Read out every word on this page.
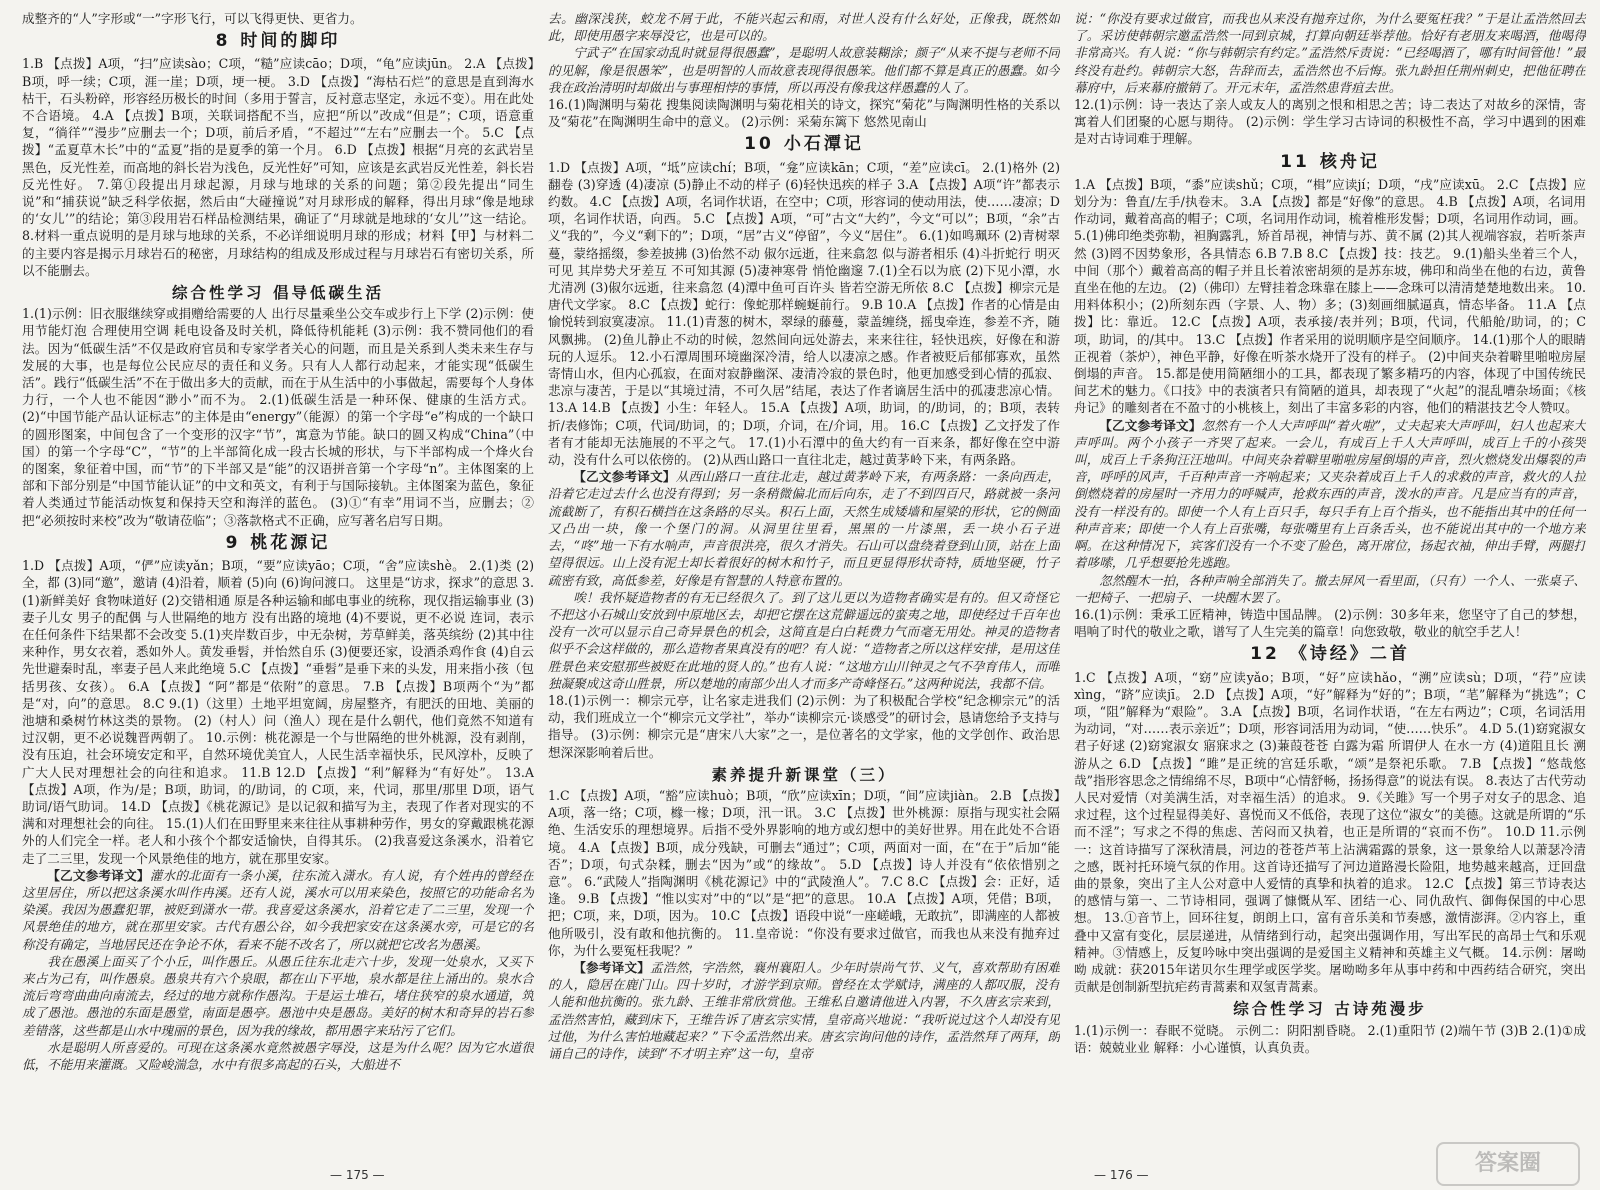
成整齐的“人”字形或“一”字形飞行，可以飞得更快、更省力。

8 时间的脚印

1.B 【点拨】A项，“扫”应读sào；C项，“糙”应读cāo；D项，“龟”应读jūn。 2.A 【点拨】B项，呼一续；C项，涯一崖；D项，埂一梗。 3.D 【点拨】“海枯石烂”的意思是直到海水枯干，石头粉碎，形容经历极长的时间（多用于誓言，反衬意志坚定，永远不变）。用在此处不合语境。 4.A 【点拨】B项，关联词搭配不当，应把“所以”改成“但是”；C项，语意重复，“徜徉”“漫步”应删去一个；D项，前后矛盾，“不超过”“左右”应删去一个。 5.C 【点拨】“孟夏草木长”中的“孟夏”指的是夏季的第一个月。 6.D 【点拨】根据“月亮的玄武岩呈黑色，反光性差，而高地的斜长岩为浅色，反光性好”可知，应该是玄武岩反光性差，斜长岩反光性好。 7.第①段提出月球起源，月球与地球的关系的问题；第②段先提出“同生说”和“捕获说”缺乏科学依据，然后由“大碰撞说”对月球形成的解释，得出月球“像是地球的‘女儿’”的结论；第③段用岩石样品检测结果，确证了“月球就是地球的‘女儿’”这一结论。 8.材料一重点说明的是月球与地球的关系，不必详细说明月球的形成；材料【甲】与材料二的主要内容是揭示月球岩石的秘密，月球结构的组成及形成过程与月球岩石有密切关系，所以不能删去。

综合性学习 倡导低碳生活

1.(1)示例：旧衣服继续穿或捐赠给需要的人 出行尽量乘坐公交车或步行上下学 (2)示例：使用节能灯泡 合理使用空调 耗电设备及时关机，降低待机能耗 (3)示例：我不赞同他们的看法。因为“低碳生活”不仅是政府官员和专家学者关心的问题，而且是关系到人类未来生存与发展的大事，也是每位公民应尽的责任和义务。只有人人都行动起来，才能实现“低碳生活”。践行“低碳生活”不在于做出多大的贡献，而在于从生活中的小事做起，需要每个人身体力行，一个人也不能因“渺小”而不为。 2.(1)低碳生活是一种环保、健康的生活方式。 (2)“中国节能产品认证标志”的主体是由“energy”（能源）的第一个字母“e”构成的一个缺口的圆形图案，中间包含了一个变形的汉字“节”，寓意为节能。缺口的圆又构成“China”（中国）的第一个字母“C”，“节”的上半部简化成一段古长城的形状，与下半部构成一个烽火台的图案，象征着中国，而“节”的下半部又是“能”的汉语拼音第一个字母“n”。主体图案的上部和下部分别是“中国节能认证”的中文和英文，有利于与国际接轨。主体图案为蓝色，象征着人类通过节能活动恢复和保持天空和海洋的蓝色。 (3)①“有幸”用词不当，应删去；②把“必须按时来校”改为“敬请莅临”；③落款格式不正确，应写著名启写日期。

9 桃花源记

1.D 【点拨】A项，“俨”应读yǎn；B项，“要”应读yāo；C项，“舍”应读shè。 2.(1)类 (2)全，都 (3)同“邀”，邀请 (4)沿着，顺着 (5)向 (6)询问渡口。 这里是“访求，探求”的意思 3.(1)新鲜美好 食物味道好 (2)交错相通 原是各种运输和邮电事业的统称，现仅指运输事业 (3)妻子儿女 男子的配偶 与人世隔绝的地方 没有出路的境地 (4)不要说，更不必说 连词，表示在任何条件下结果都不会改变 5.(1)夹岸数百步，中无杂树，芳草鲜美，落英缤纷 (2)其中往来种作，男女衣着，悉如外人。黄发垂髫，并怡然自乐 (3)便要还家，设酒杀鸡作食 (4)自云先世避秦时乱，率妻子邑人来此绝境 5.C 【点拨】“垂髫”是垂下来的头发，用来指小孩（包括男孩、女孩）。 6.A 【点拨】“阿”都是“依附”的意思。 7.B 【点拨】B项两个“为”都是“对，向”的意思。 8.C 9.(1)（这里）土地平坦宽阔，房屋整齐，有肥沃的田地、美丽的池塘和桑树竹林这类的景物。 (2)（村人）问（渔人）现在是什么朝代，他们竟然不知道有过汉朝，更不必说魏晋两朝了。 10.示例：桃花源是一个与世隔绝的世外桃源，没有剥削，没有压迫，社会环境安定和平，自然环境优美宜人，人民生活幸福快乐，民风淳朴，反映了广大人民对理想社会的向往和追求。 11.B 12.D 【点拨】“利”解释为“有好处”。 13.A 【点拨】A项，作为/是；B项，助词，的/助词，的 C项，来，代词，那里/那里 D项，语气助词/语气助词。 14.D 【点拨】《桃花源记》是以记叙和描写为主，表现了作者对现实的不满和对理想社会的向往。 15.(1)人们在田野里来来往往从事耕种劳作，男女的穿戴跟桃花源外的人们完全一样。老人和小孩个个都安适愉快，自得其乐。 (2)我喜爱这条溪水，沿着它走了二三里，发现一个风景绝佳的地方，就在那里安家。

【乙文参考译文】灌水的北面有一条小溪，往东流入潇水。有人说，有个姓冉的曾经在这里居住，所以把这条溪水叫作冉溪。还有人说，溪水可以用来染色，按照它的功能命名为染溪。我因为愚蠢犯罪，被贬到潇水一带。我喜爱这条溪水，沿着它走了二三里，发现一个风景绝佳的地方，就在那里安家。古代有愚公谷，如今我把家安在这条溪水旁，可是它的名称没有确定，当地居民还在争论不休，看来不能不改名了，所以就把它改名为愚溪。

我在愚溪上面买了个小丘，叫作愚丘。从愚丘往东北走六十步，发现一处泉水，又买下来占为己有，叫作愚泉。愚泉共有六个泉眼，都在山下平地，泉水都是往上涌出的。泉水合流后弯弯曲曲向南流去，经过的地方就称作愚沟。于是运土堆石，堵住狭窄的泉水通道，筑成了愚池。愚池的东面是愚堂，南面是愚亭。愚池中央是愚岛。美好的树木和奇异的岩石参差错落，这些都是山水中瑰丽的景色，因为我的缘故，都用愚字来玷污了它们。

水是聪明人所喜爱的。可现在这条溪水竟然被愚字辱没，这是为什么呢？因为它水道很低，不能用来灌溉。又险峻湍急，水中有很多高起的石头，大船进不

去。幽深浅狭，蛟龙不屑于此，不能兴起云和雨，对世人没有什么好处，正像我，既然如此，即使用愚字来辱没它，也是可以的。

宁武子“在国家动乱时就显得很愚蠢”，是聪明人故意装糊涂；颜子“从来不提与老师不同的见解，像是很愚笨”，也是明智的人而故意表现得很愚笨。他们都不算是真正的愚蠢。如今我在政治清明时却做出与事理相悖的事情，所以再没有像我这样愚蠢的人了。

16.(1)陶渊明与菊花 搜集阅读陶渊明与菊花相关的诗文，探究“菊花”与陶渊明性格的关系以及“菊花”在陶渊明生命中的意义。 (2)示例：采菊东篱下 悠然见南山

10 小石潭记

1.D 【点拨】A项，“坻”应读chí；B项，“龛”应读kān；C项，“差”应读cī。 2.(1)格外 (2)翻卷 (3)穿透 (4)凄凉 (5)静止不动的样子 (6)轻快迅疾的样子 3.A 【点拨】A项“许”都表示约数。 4.C 【点拨】A项，名词作状语，在空中；C项，形容词的使动用法，使……凄凉；D项，名词作状语，向西。 5.C 【点拨】A项，“可”古文“大约”，今文“可以”；B项，“余”古义“我的”，今义“剩下的”；D项，“居”古义“停留”，今义“居住”。 6.(1)如鸣珮环 (2)青树翠蔓，蒙络摇缀，参差披拂 (3)佁然不动 俶尔远逝，往来翕忽 似与游者相乐 (4)斗折蛇行 明灭可见 其岸势犬牙差互 不可知其源 (5)凄神寒骨 悄怆幽邃 7.(1)全石以为底 (2)下见小潭，水尤清冽 (3)俶尔远逝，往来翕忽 (4)潭中鱼可百许头 皆若空游无所依 8.C 【点拨】柳宗元是唐代文学家。 8.C 【点拨】蛇行：像蛇那样蜿蜒前行。 9.B 10.A 【点拨】作者的心情是由愉悦转到寂寞凄凉。 11.(1)青葱的树木，翠绿的藤蔓，蒙盖缠绕，摇曳牵连，参差不齐，随风飘拂。 (2)鱼儿静止不动的时候，忽然间向远处游去，来来往往，轻快迅疾，好像在和游玩的人逗乐。 12.小石潭周围环境幽深冷清，给人以凄凉之感。作者被贬后郁郁寡欢，虽然寄情山水，但内心孤寂，在面对寂静幽深、凄清冷寂的景色时，他更加感受到心情的孤寂、悲凉与凄苦，于是以“其境过清，不可久居”结尾，表达了作者谪居生活中的孤凄悲凉心情。 13.A 14.B 【点拨】小生：年轻人。 15.A 【点拨】A项，助词，的/助词，的；B项，表转折/表修饰；C项，代词/助词，的；D项，介词，在/介词，用。 16.C 【点拨】乙文抒发了作者有才能却无法施展的不平之气。 17.(1)小石潭中的鱼大约有一百来条，都好像在空中游动，没有什么可以依傍的。 (2)从西山路口一直往北走，越过黄茅岭下来，有两条路。

【乙文参考译文】从西山路口一直往北走，越过黄茅岭下来，有两条路：一条向西走，沿着它走过去什么也没有得到；另一条稍微偏北而后向东，走了不到四百尺，路就被一条河流截断了，有积石横挡在这条路的尽头。积石上面，天然生成矮墙和屋梁的形状，它的侧面又凸出一块，像一个堡门的洞。从洞里往里看，黑黑的一片漆黑，丢一块小石子进去，“咚”地一下有水响声，声音很洪亮，很久才消失。石山可以盘绕着登到山顶，站在上面望得很远。山上没有泥土却长着很好的树木和竹子，而且更显得形状奇特，质地坚硬，竹子疏密有致，高低参差，好像是有智慧的人特意布置的。

唉！我怀疑造物者的有无已经很久了。到了这儿更以为造物者确实是有的。但又奇怪它不把这小石城山安放到中原地区去，却把它摆在这荒僻遥远的蛮夷之地，即使经过千百年也没有一次可以显示自己奇异景色的机会，这简直是白白耗费力气而毫无用处。神灵的造物者似乎不会这样做的，那么造物者果真没有的吧？有人说：“造物者之所以这样安排，是用这佳胜景色来安慰那些被贬在此地的贤人的。”也有人说：“这地方山川钟灵之气不孕育伟人，而唯独凝聚成这奇山胜景，所以楚地的南部少出人才而多产奇峰怪石。”这两种说法，我都不信。

18.(1)示例一：柳宗元亭，让名家走进我们 (2)示例：为了积极配合学校“纪念柳宗元”的活动，我们班成立一个“柳宗元文学社”，举办“读柳宗元·谈感受”的研讨会，恳请您给予支持与指导。 (3)示例：柳宗元是“唐宋八大家”之一，是位著名的文学家，他的文学创作、政治思想深深影响着后世。

素养提升新课堂（三）

1.C 【点拨】A项，“豁”应读huò；B项，“欣”应读xīn；D项，“间”应读jiàn。 2.B 【点拨】A项，落一络；C项，橼一椽；D项，汛一讯。 3.C 【点拨】世外桃源：原指与现实社会隔绝、生活安乐的理想境界。后指不受外界影响的地方或幻想中的美好世界。用在此处不合语境。 4.A 【点拨】B项，成分残缺，可删去“通过”；C项，两面对一面，在“在于”后加“能否”；D项，句式杂糅，删去“因为”或“的缘故”。 5.D 【点拨】诗人并没有“依依惜别之意”。 6.“武陵人”指陶渊明《桃花源记》中的“武陵渔人”。 7.C 8.C 【点拨】会：正好，适逢。 9.B 【点拨】“惟以实对”中的“以”是“把”的意思。 10.A 【点拨】A项，凭借；B项，把；C项，来，D项，因为。 10.C 【点拨】语段中说“一座嵯峨，无敢抗”，即满座的人都被他所吸引，没有敢和他抗衡的。 11.皇帝说：“你没有要求过做官，而我也从来没有抛弃过你，为什么要冤枉我呢？”

【参考译文】孟浩然，字浩然，襄州襄阳人。少年时崇尚气节、义气，喜欢帮助有困难的人，隐居在鹿门山。四十岁时，才游学到京师。曾经在太学赋诗，满座的人都叹服，没有人能和他抗衡的。张九龄、王维非常欣赏他。王维私自邀请他进入内署，不久唐玄宗来到，孟浩然害怕，藏到床下，王维告诉了唐玄宗实情，皇帝高兴地说：“我听说过这个人却没有见过他，为什么害怕地藏起来？”下令孟浩然出来。唐玄宗询问他的诗作，孟浩然拜了两拜，朗诵自己的诗作，读到“不才明主弃”这一句，皇帝

说：“你没有要求过做官，而我也从来没有抛弃过你，为什么要冤枉我？”于是让孟浩然回去了。采访使韩朝宗邀孟浩然一同到京城，打算向朝廷举荐他。恰好有老朋友来喝酒，他喝得非常高兴。有人说：“你与韩朝宗有约定。”孟浩然斥责说：“已经喝酒了，哪有时间管他！”最终没有赴约。韩朝宗大怒，告辞而去，孟浩然也不后悔。张九龄担任荆州刺史，把他征聘在幕府中，后来幕府撤销了。开元末年，孟浩然患背疽去世。

12.(1)示例：诗一表达了亲人或友人的离别之恨和相思之苦；诗二表达了对故乡的深情，寄寓着人们团聚的心愿与期待。 (2)示例：学生学习古诗词的积极性不高，学习中遇到的困难是对古诗词难于理解。

11 核舟记

1.A 【点拨】B项，“黍”应读shǔ；C项，“楫”应读jí；D项，“戌”应读xū。 2.C 【点拨】应划分为：鲁直/左手/执卷末。 3.A 【点拨】都是“好像”的意思。 4.B 【点拨】A项，名词用作动词，戴着高高的帽子；C项，名词用作动词，梳着椎形发髻；D项，名词用作动词，画。 5.(1)佛印绝类弥勒，袒胸露乳，矫首昂视，神情与苏、黄不属 (2)其人视端容寂，若听茶声然 (3)罔不因势象形，各具情态 6.B 7.B 8.C 【点拨】技：技艺。 9.(1)船头坐着三个人，中间（那个）戴着高高的帽子并且长着浓密胡须的是苏东坡，佛印和尚坐在他的右边，黄鲁直坐在他的左边。 (2)（佛印）左臂挂着念珠靠在膝上——念珠可以清清楚楚地数出来。 10.用料体积小；(2)所刻东西（字景、人、物）多；(3)刻画细腻逼真，情态毕备。 11.A 【点拨】比：靠近。 12.C 【点拨】A项，表承接/表并列；B项，代词，代船舱/助词，的；C项，助词，的/其中。 13.C 【点拨】作者采用的说明顺序是空间顺序。 14.(1)那个人的眼睛正视着（茶炉），神色平静，好像在听茶水烧开了没有的样子。 (2)中间夹杂着噼里啪啦房屋倒塌的声音。 15.都是使用简陋细小的工具，都表现了繁多精巧的内容，体现了中国传统民间艺术的魅力。《口技》中的表演者只有简陋的道具，却表现了“火起”的混乱嘈杂场面；《核舟记》的雕刻者在不盈寸的小桃核上，刻出了丰富多彩的内容，他们的精湛技艺令人赞叹。

【乙文参考译文】忽然有一个人大声呼叫“着火啦”，丈夫起来大声呼叫，妇人也起来大声呼叫。两个小孩子一齐哭了起来。一会儿，有成百上千人大声呼叫，成百上千的小孩哭叫，成百上千条狗汪汪地叫。中间夹杂着噼里啪啦房屋倒塌的声音，烈火燃烧发出爆裂的声音，呼呼的风声，千百种声音一齐响起来；又夹杂着成百上千人的求救的声音，救火的人拉倒燃烧着的房屋时一齐用力的呼喊声，抢救东西的声音，泼水的声音。凡是应当有的声音，没有一样没有的。即使一个人有上百只手，每只手有上百个指头，也不能指出其中的任何一种声音来；即使一个人有上百张嘴，每张嘴里有上百条舌头，也不能说出其中的一个地方来啊。在这种情况下，宾客们没有一个不变了脸色，离开席位，扬起衣袖，伸出手臂，两腿打着哆嗦，几乎想要抢先逃跑。

忽然醒木一拍，各种声响全部消失了。撤去屏风一看里面，（只有）一个人、一张桌子、一把椅子、一把扇子、一块醒木罢了。

16.(1)示例：秉承工匠精神，铸造中国品牌。 (2)示例：30多年来，您坚守了自己的梦想，唱响了时代的敬业之歌，谱写了人生完美的篇章！向您致敬，敬业的航空手艺人！

12 《诗经》二首

1.C 【点拨】A项，“窈”应读yǎo；B项，“好”应读hǎo，“溯”应读sù；D项，“荇”应读xìng，“跻”应读jī。 2.D 【点拨】A项，“好”解释为“好的”；B项，“芼”解释为“挑选”；C项，“阻”解释为“艰险”。 3.A 【点拨】B项，名词作状语，“在左右两边”；C项，名词活用为动词，“对……表示亲近”；D项，形容词活用为动词，“使……快乐”。 4.D 5.(1)窈窕淑女 君子好逑 (2)窈窕淑女 寤寐求之 (3)蒹葭苍苍 白露为霜 所谓伊人 在水一方 (4)道阻且长 溯游从之 6.D 【点拨】“雎”是正统的宫廷乐歌，“颂”是祭祀乐歌。 7.B 【点拨】“悠哉悠哉”指形容思念之情绵绵不尽，B项中“心情舒畅，扬扬得意”的说法有误。 8.表达了古代劳动人民对爱情（对美满生活，对幸福生活）的追求。 9.《关雎》写一个男子对女子的思念、追求过程，这个过程显得美好、喜悦而又不低俗，表现了这位“淑女”的美德。这就是所谓的“乐而不淫”；写求之不得的焦虑、苦闷而又执着，也正是所谓的“哀而不伤”。 10.D 11.示例一：这首诗描写了深秋清晨，河边的苍苍芦苇上沾满霜露的景象，这一景象给人以萧瑟冷清之感，既衬托环境气氛的作用。这首诗还描写了河边道路漫长险阻，地势越来越高，迂回盘曲的景象，突出了主人公对意中人爱情的真挚和执着的追求。 12.C 【点拨】第三节诗表达的感情与第一、二节诗相同，强调了慷慨从军、团结一心、同仇敌忾、御侮保国的中心思想。 13.①音节上，回环往复，朗朗上口，富有音乐美和节奏感，激情澎湃。②内容上，重叠中又富有变化，层层递进，从情绪到行动，起突出强调作用，写出军民的高昂士气和乐观精神。③情感上，反复吟咏中突出强调的是爱国主义精神和英雄主义气概。 14.示例：屠呦呦 成就：获2015年诺贝尔生理学或医学奖。屠呦呦多年从事中药和中西药结合研究，突出贡献是创制新型抗疟药青蒿素和双氢青蒿素。

综合性学习 古诗苑漫步

1.(1)示例一：春眠不觉晓。 示例二：阴阳割昏晓。 2.(1)重阳节 (2)端午节 (3)B 2.(1)①成语：兢兢业业 解释：小心谨慎，认真负责。

— 175 —	— 176 —	答案圈
